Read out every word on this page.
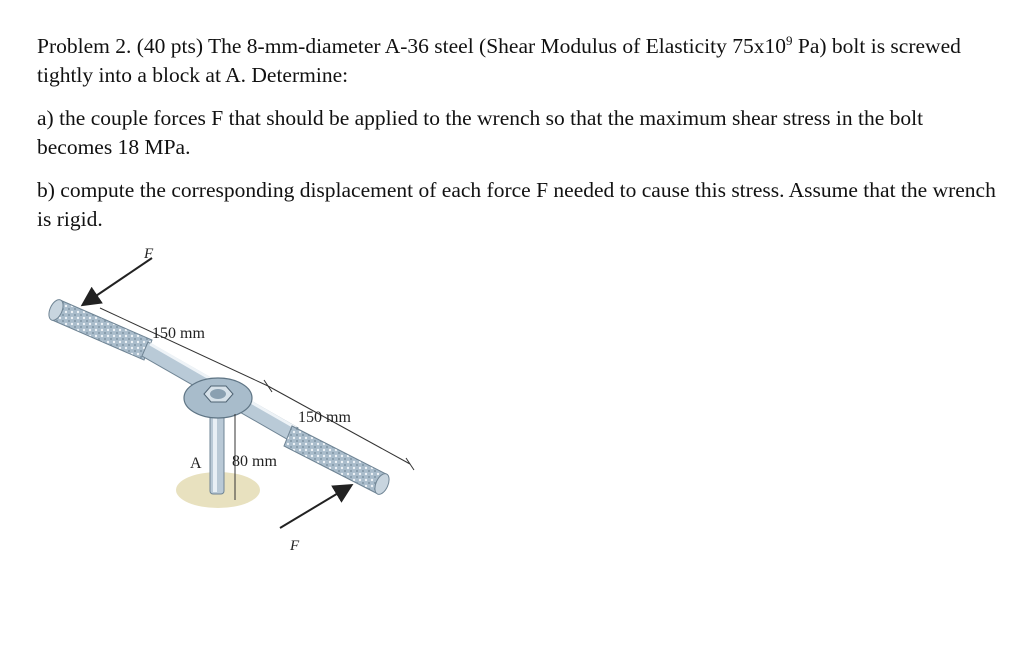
Problem 2. (40 pts) The 8-mm-diameter A-36 steel (Shear Modulus of Elasticity $75x10^9$ Pa) bolt is screwed tightly into a block at A. Determine:

a) the couple forces F that should be applied to the wrench so that the maximum shear stress in the bolt becomes 18 MPa.

b) compute the corresponding displacement of each force F needed to cause this stress. Assume that the wrench is rigid.

F
F
150 mm
150 mm
80 mm
A
